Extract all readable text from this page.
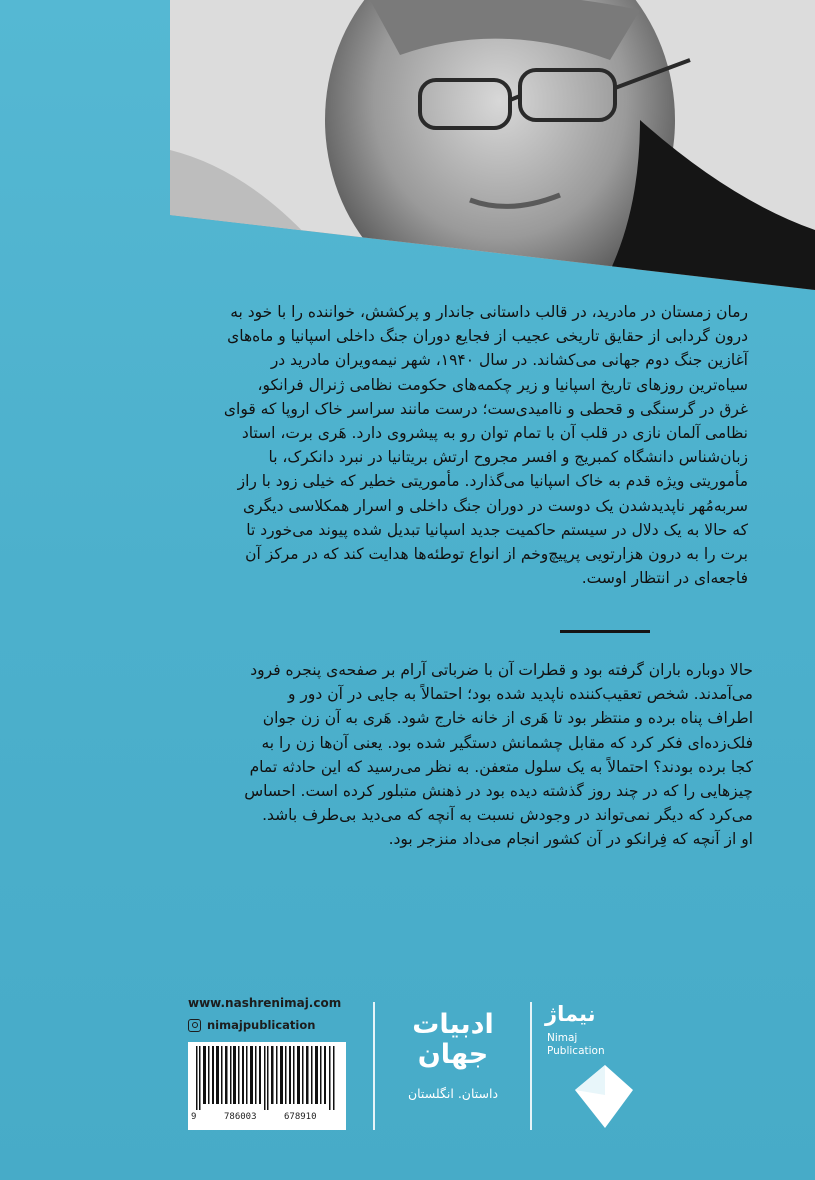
رمان زمستان در مادرید، در قالب داستانی جاندار و پرکشش، خواننده را با خود به
درون گردابی از حقایق تاریخی عجیب از فجایع دوران جنگ داخلی اسپانیا و ماه‌های
آغازین جنگ دوم جهانی می‌کشاند. در سال ۱۹۴۰، شهر نیمه‌ویران مادرید در
سیاه‌ترین روزهای تاریخ اسپانیا و زیر چکمه‌های حکومت نظامی ژنرال فرانکو،
غرق در گرسنگی و قحطی و ناامیدی‌ست؛ درست مانند سراسر خاک اروپا که قوای
نظامی آلمان نازی در قلب آن با تمام توان رو به پیشروی دارد. هَری برت، استاد
زبان‌شناس دانشگاه کمبریج و افسر مجروح ارتش بریتانیا در نبرد دانکرک، با
مأموریتی ویژه قدم به خاک اسپانیا می‌گذارد. مأموریتی خطیر که خیلی زود با راز
سربه‌مُهر ناپدیدشدن یک دوست در دوران جنگ داخلی و اسرار همکلاسی دیگری
که حالا به یک دلال در سیستم حاکمیت جدید اسپانیا تبدیل شده پیوند می‌خورد تا
برت را به درون هزارتویی پرپیچ‌وخم از انواع توطئه‌ها هدایت کند که در مرکز آن
فاجعه‌ای در انتظار اوست.
حالا دوباره باران گرفته بود و قطرات آن با ضرباتی آرام بر صفحه‌ی پنجره فرود
می‌آمدند. شخص تعقیب‌کننده ناپدید شده بود؛ احتمالاً به جایی در آن دور و
اطراف پناه برده و منتظر بود تا هَری از خانه خارج شود. هَری به آن زن جوان
فلک‌زده‌ای فکر کرد که مقابل چشمانش دستگیر شده بود. یعنی آن‌ها زن را به
کجا برده بودند؟ احتمالاً به یک سلول متعفن. به نظر می‌رسید که این حادثه تمام
چیزهایی را که در چند روز گذشته دیده بود در ذهنش متبلور کرده است. احساس
می‌کرد که دیگر نمی‌تواند در وجودش نسبت به آنچه که می‌دید بی‌طرف باشد.
او از آنچه که فِرانکو در آن کشور انجام می‌داد منزجر بود.
www.nashrenimaj.com
nimajpublication
9	786003	678910
ادبیات
جهان
داستان. انگلستان
نیماژ
Nimaj
Publication
